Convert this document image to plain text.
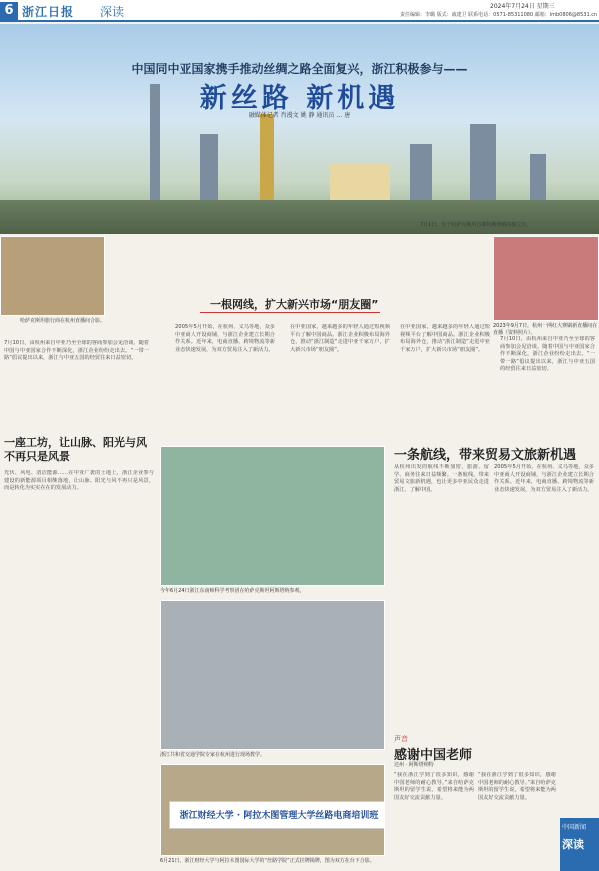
6 浙江日报 深读	2024年7月24日 星期三
责任编辑：李璐 版式：戚建卫 联系电话：0571-85311080 邮箱：lmb0806@8531.cn
中国同中亚国家携手推动丝绸之路全面复兴，浙江积极参与——
新丝路 新机遇
融媒体记者 肖漫文 姚 静 通讯员 … 唐
7月1日，位于哈萨克斯坦首都阿斯塔纳的独立宫。
哈萨克斯坦旅行商在杭州直播间合影。
2023年9月7日，杭州一网红大赛刷新直播间在直播（资料照片）。
一根网线，扩大新兴市场“朋友圈”
7月10日，由杭州来自中亚乃至全球的客商参加会见洽谈。随着中国与中亚国家合作不断深化，浙江企业纷纷走出去。“一带一路”倡议提出以来，浙江与中亚五国的经贸往来日益密切。
2005年5月开始，在杭州、义乌等地，众多中亚商人开设商铺，与浙江企业建立长期合作关系。近年来，电商直播、跨境物流等新业态快速发展，为双方贸易注入了新活力。
在中亚国家，越来越多的年轻人通过短视频平台了解中国商品。浙江企业积极布局海外仓，推动“浙江制造”走进中亚千家万户，扩大新兴市场“朋友圈”。
在中亚国家，越来越多的年轻人通过短视频平台了解中国商品。浙江企业积极布局海外仓，推动“浙江制造”走进中亚千家万户，扩大新兴市场“朋友圈”。
7月10日，由杭州来自中亚乃至全球的客商参加会见洽谈。随着中国与中亚国家合作不断深化，浙江企业纷纷走出去。“一带一路”倡议提出以来，浙江与中亚五国的经贸往来日益密切。
一座工坊，让山脉、阳光与风不再只是风景
光伏、风电、清洁能源……在中亚广袤的土地上，浙江企业参与建设的新能源项目相继落地，让山脉、阳光与风不再只是风景，而是转化为实实在在的发展动力。
今年6月24日浙江东南师科学考察团在哈萨克斯坦阿斯塔纳参观。
浙江共和省交通学院专家在杭州进行现场教学。
一条航线，带来贸易文旅新机遇
从杭州出发的航线不断加密，旅游、留学、商务往来日益频繁。一条航线，带来贸易文旅新机遇，也让更多中亚民众走进浙江、了解中国。
2005年5月开始，在杭州、义乌等地，众多中亚商人开设商铺，与浙江企业建立长期合作关系。近年来，电商直播、跨境物流等新业态快速发展，为双方贸易注入了新活力。
声音
感谢中国老师
达州 · 阿斯塔纳特
“我在浙江学到了很多知识，感谢中国老师的耐心教导。”来自哈萨克斯坦的留学生说，希望将来能为两国友好交流贡献力量。
“我在浙江学到了很多知识，感谢中国老师的耐心教导。”来自哈萨克斯坦的留学生说，希望将来能为两国友好交流贡献力量。
浙江财经大学 · 阿拉木图管理大学丝路电商培训班
6月21日，浙江财经大学与阿拉木图国际大学的“丝路学院”正式挂牌揭牌，图为双方在台下合影。
中国新闻
深读
